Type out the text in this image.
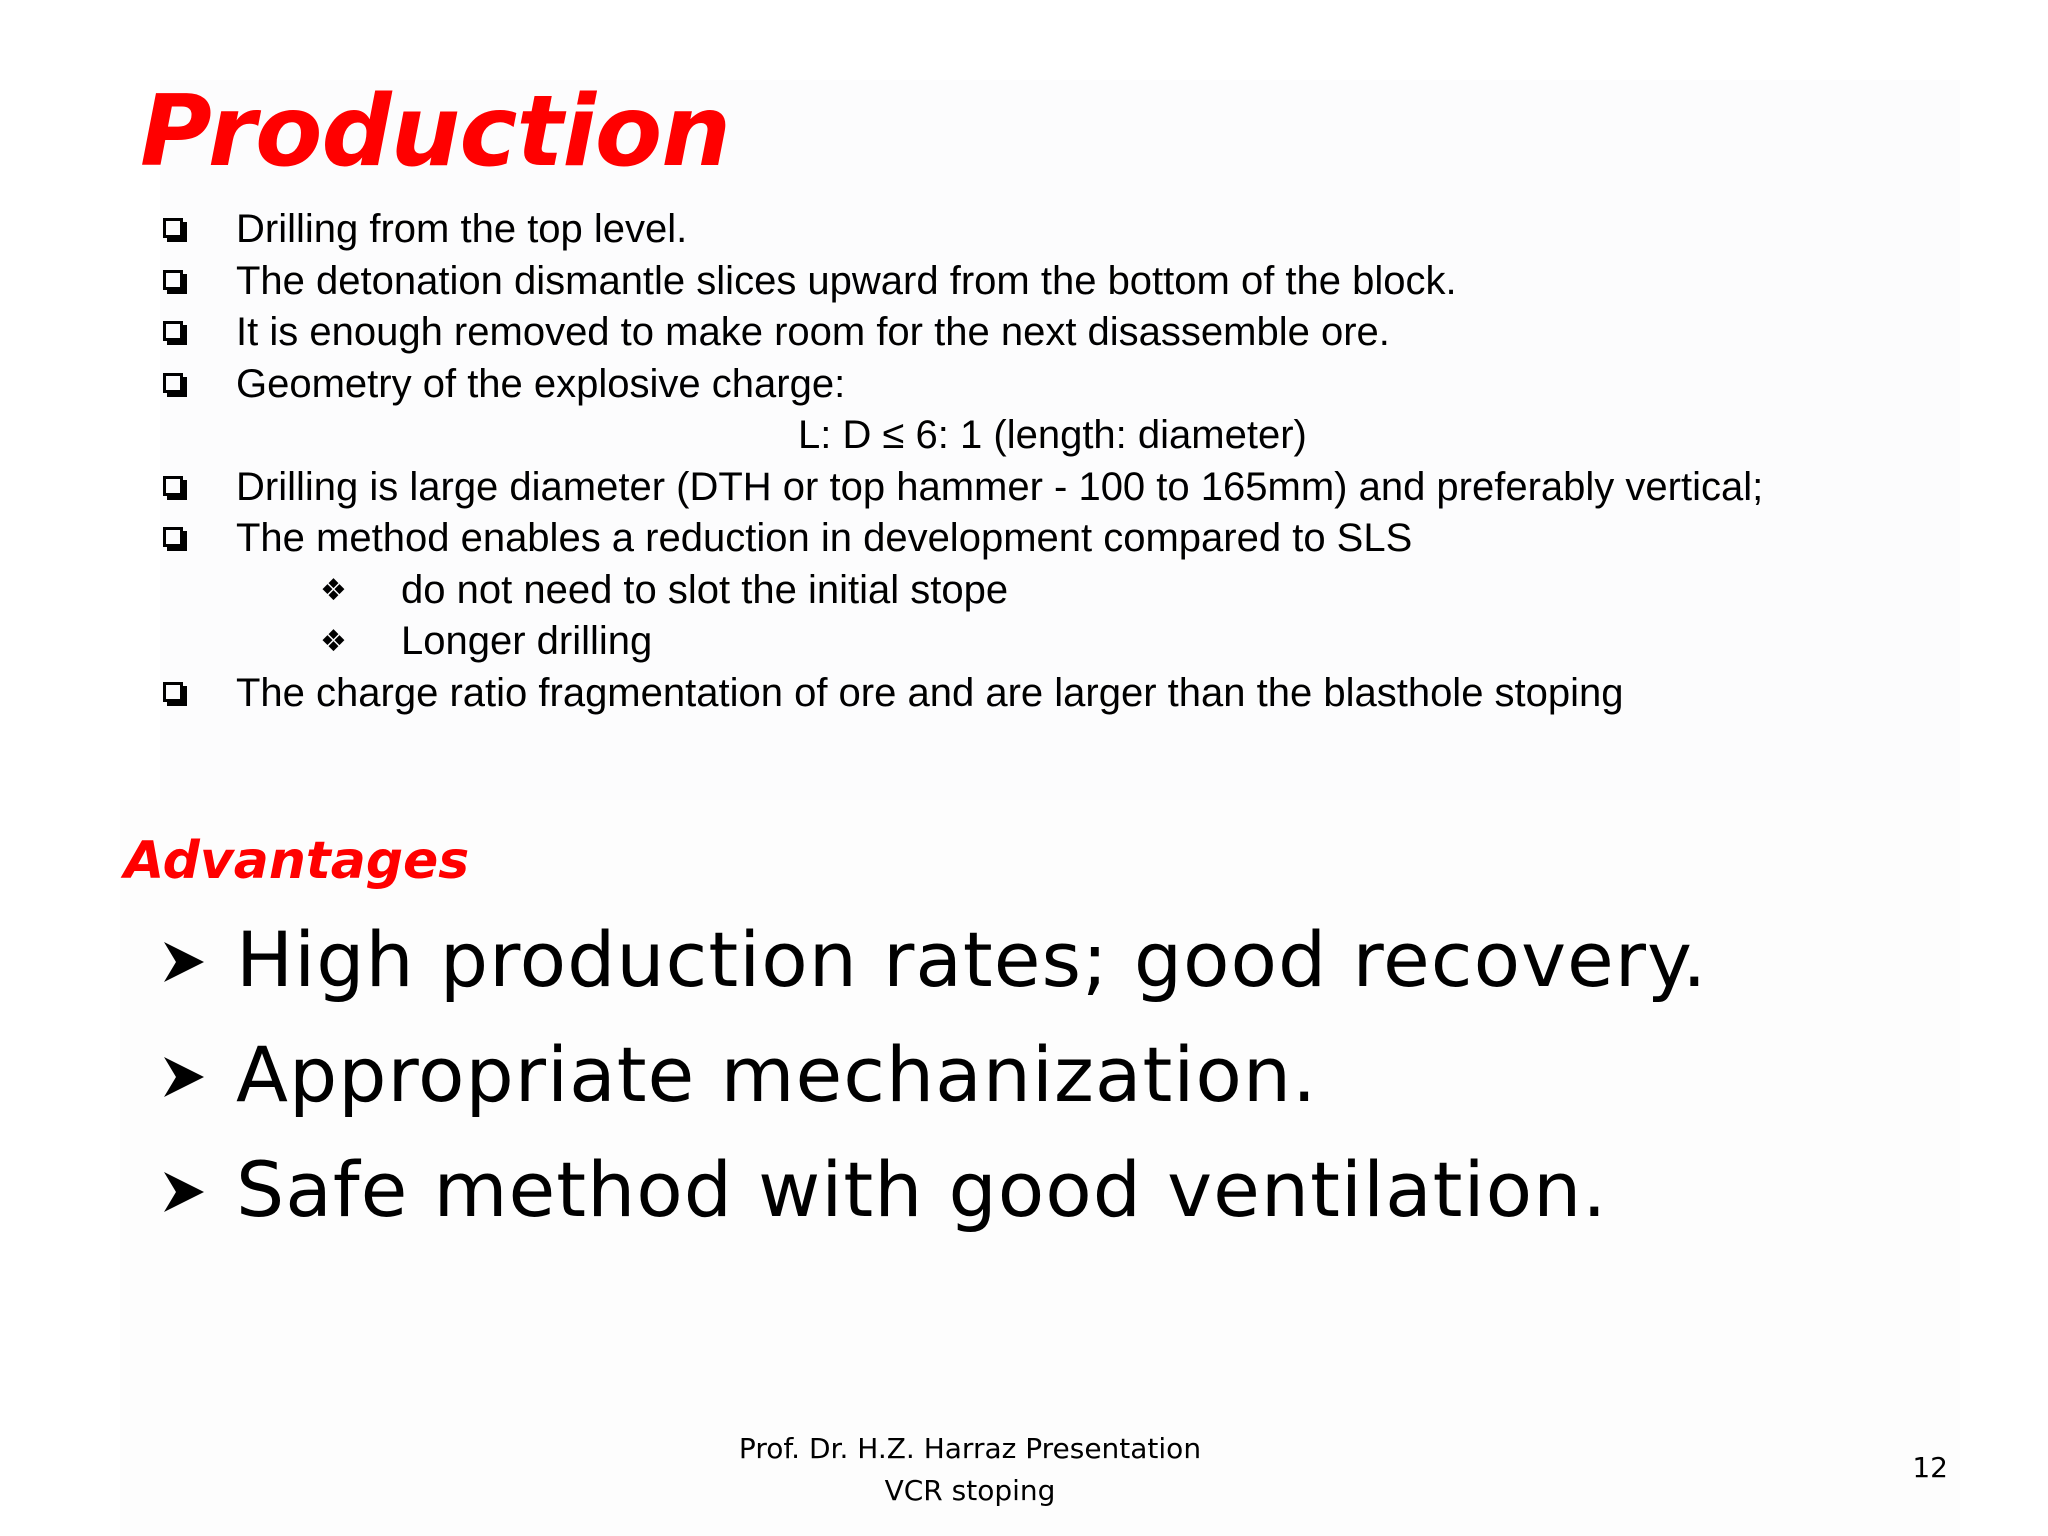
Production
Drilling from the top level.
The detonation dismantle slices upward from the bottom of the block.
It is enough removed to make room for the next disassemble ore.
Geometry of the explosive charge:
L: D ≤ 6: 1 (length: diameter)
Drilling is large diameter (DTH or top hammer - 100 to 165mm) and preferably vertical;
The method enables a reduction in development compared to SLS
❖ do not need to slot the initial stope
❖ Longer drilling
The charge ratio fragmentation of ore and are larger than the blasthole stoping
Advantages
High production rates; good recovery.
Appropriate mechanization.
Safe method with good ventilation.
Prof. Dr. H.Z. Harraz Presentation
VCR stoping
12
